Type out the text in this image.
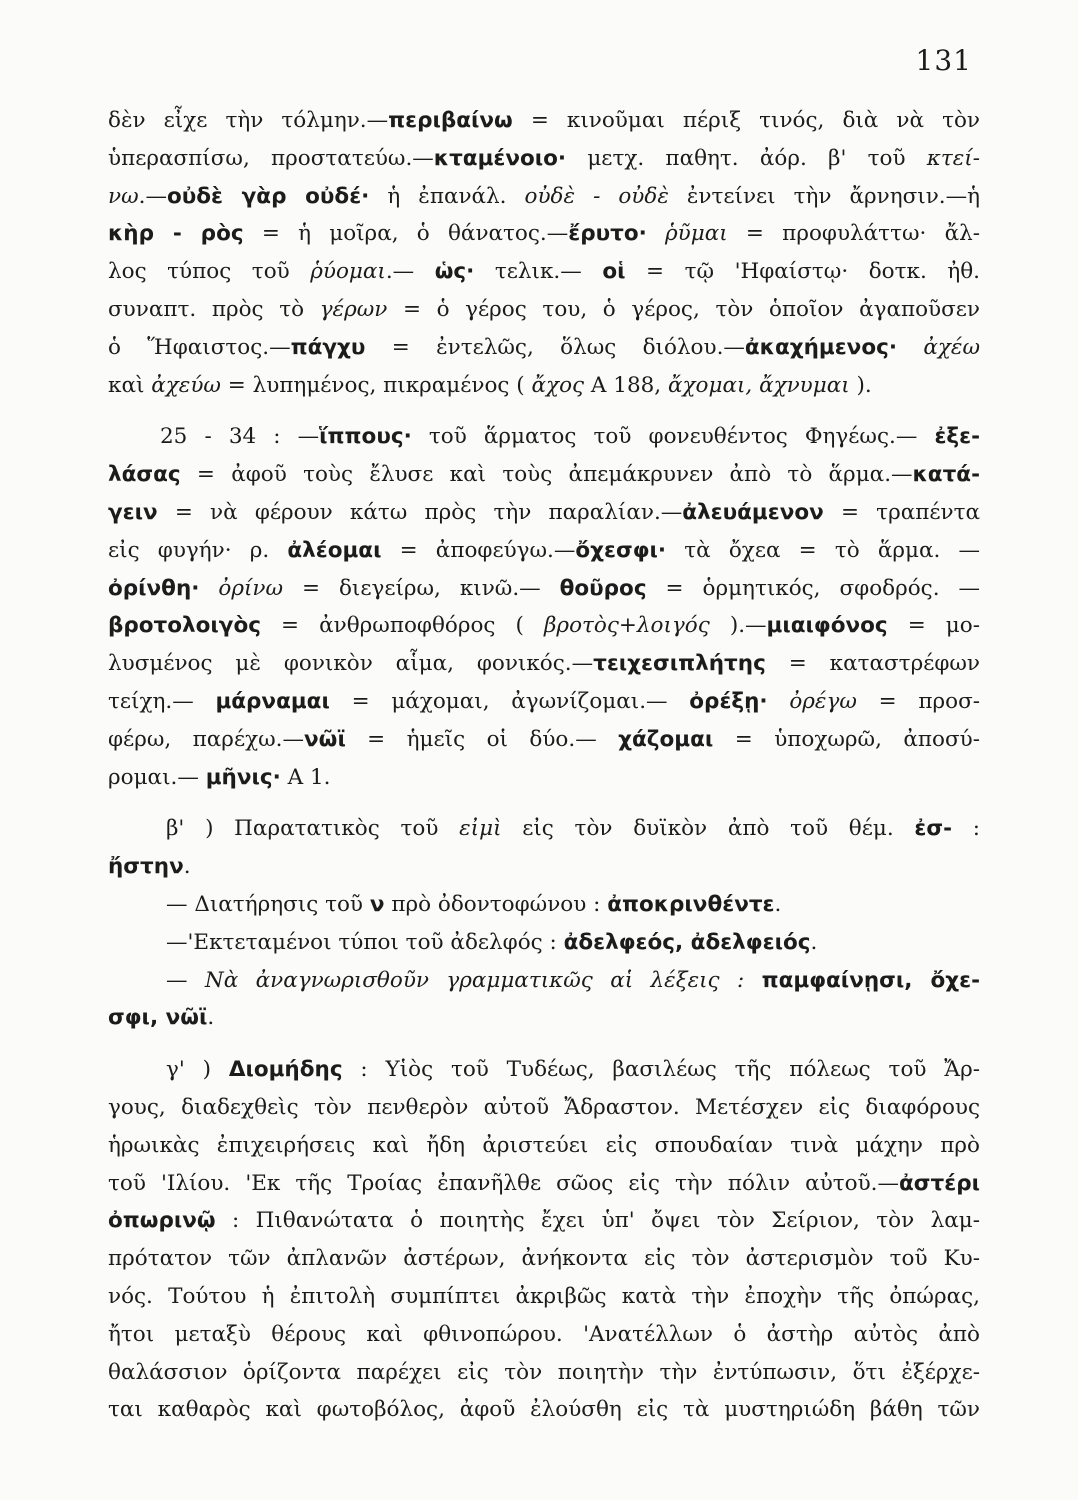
131
δὲν εἶχε τὴν τόλμην.—περιβαίνω = κινοῦμαι πέριξ τινός, διὰ νὰ τὸν
ὑπερασπίσω, προστατεύω.—κταμένοιο· μετχ. παθητ. ἀόρ. β' τοῦ κτεί-
νω.—οὐδὲ γὰρ οὐδέ· ἡ ἐπανάλ. οὐδὲ - οὐδὲ ἐντείνει τὴν ἄρνησιν.—ἡ
κὴρ - ρὸς = ἡ μοῖρα, ὁ θάνατος.—ἔρυτο· ῥῦμαι = προφυλάττω· ἄλ-
λος τύπος τοῦ ῥύομαι.— ὡς· τελικ.— οἱ = τῷ 'Ηφαίστῳ· δοτκ. ἠθ.
συναπτ. πρὸς τὸ γέρων = ὁ γέρος του, ὁ γέρος, τὸν ὁποῖον ἀγαποῦσεν
ὁ Ἥφαιστος.—πάγχυ = ἐντελῶς, ὅλως διόλου.—ἀκαχήμενος· ἀχέω
καὶ ἀχεύω = λυπημένος, πικραμένος ( ἄχος Α 188, ἄχομαι, ἄχνυμαι ).
25 - 34 : —ἵππους· τοῦ ἅρματος τοῦ φονευθέντος Φηγέως.— ἐξε-
λάσας = ἀφοῦ τοὺς ἔλυσε καὶ τοὺς ἀπεμάκρυνεν ἀπὸ τὸ ἅρμα.—κατά-
γειν = νὰ φέρουν κάτω πρὸς τὴν παραλίαν.—ἀλευάμενον = τραπέντα
εἰς φυγήν· ρ. ἀλέομαι = ἀποφεύγω.—ὄχεσφι· τὰ ὄχεα = τὸ ἅρμα. —
ὀρίνθη· ὀρίνω = διεγείρω, κινῶ.— θοῦρος = ὁρμητικός, σφοδρός. —
βροτολοιγὸς = ἀνθρωποφθόρος ( βροτὸς+λοιγός ).—μιαιφόνος = μο-
λυσμένος μὲ φονικὸν αἷμα, φονικός.—τειχεσιπλήτης = καταστρέφων
τείχη.— μάρναμαι = μάχομαι, ἀγωνίζομαι.— ὀρέξῃ· ὀρέγω = προσ-
φέρω, παρέχω.—νῶϊ = ἡμεῖς οἱ δύο.— χάζομαι = ὑποχωρῶ, ἀποσύ-
ρομαι.— μῆνις· Α 1.
β' ) Παρατατικὸς τοῦ εἰμὶ εἰς τὸν δυϊκὸν ἀπὸ τοῦ θέμ. ἐσ- :
ἤστην.
— Διατήρησις τοῦ ν πρὸ ὀδοντοφώνου : ἀποκρινθέντε.
—'Εκτεταμένοι τύποι τοῦ ἀδελφός : ἀδελφεός, ἀδελφειός.
— Νὰ ἀναγνωρισθοῦν γραμματικῶς αἱ λέξεις : παμφαίνῃσι, ὄχε-
σφι, νῶϊ.
γ' ) Διομήδης : Υἱὸς τοῦ Τυδέως, βασιλέως τῆς πόλεως τοῦ Ἄρ-
γους, διαδεχθεὶς τὸν πενθερὸν αὐτοῦ Ἄδραστον. Μετέσχεν εἰς διαφόρους
ἡρωικὰς ἐπιχειρήσεις καὶ ἤδη ἀριστεύει εἰς σπουδαίαν τινὰ μάχην πρὸ
τοῦ 'Ιλίου. 'Εκ τῆς Τροίας ἐπανῆλθε σῶος εἰς τὴν πόλιν αὐτοῦ.—ἀστέρι
ὀπωρινῷ : Πιθανώτατα ὁ ποιητὴς ἔχει ὑπ' ὄψει τὸν Σείριον, τὸν λαμ-
πρότατον τῶν ἀπλανῶν ἀστέρων, ἀνήκοντα εἰς τὸν ἀστερισμὸν τοῦ Κυ-
νός. Τούτου ἡ ἐπιτολὴ συμπίπτει ἀκριβῶς κατὰ τὴν ἐποχὴν τῆς ὀπώρας,
ἤτοι μεταξὺ θέρους καὶ φθινοπώρου. 'Ανατέλλων ὁ ἀστὴρ αὐτὸς ἀπὸ
θαλάσσιον ὁρίζοντα παρέχει εἰς τὸν ποιητὴν τὴν ἐντύπωσιν, ὅτι ἐξέρχε-
ται καθαρὸς καὶ φωτοβόλος, ἀφοῦ ἐλούσθη εἰς τὰ μυστηριώδη βάθη τῶν
